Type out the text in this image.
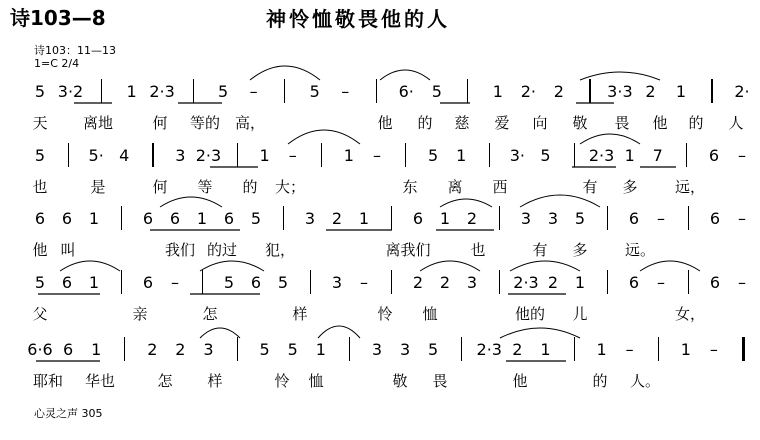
诗103—8	神怜恤敬畏他的人
诗103：11—13
1=C 2/4
5 3·2	1 2·3	5 –	5 –	6· 5	1 2· 2	3·3 2 1	2·
天 离地	何 等的 高，	他 的 慈 爱 向 敬 畏 他 的 人
5	5· 4	3 2·3 1 –	1 –	5 1	3· 5 2·3 1 7	6 –
也	是	何 等 的 大；	东 离 西	有 多 远，
6 6 1	6 6 1 6 5	3 2 1	6 1 2	3 3 5	6 –	6 –
他 叫	我们 的过 犯，	离我们	也	有 多 远。
5 6 1	6 –	5 6 5	3 –	2 2 3 2·3 2 1	6 –	6 –
父	亲	怎	样	怜 恤	他的 儿	女，
6·6 6 1	2 2 3	5 5 1	3 3 5 2·3 2 1	1 –	1 –
耶和 华也	怎 样	怜 恤	敬 畏	他	的 人。
心灵之声 305
